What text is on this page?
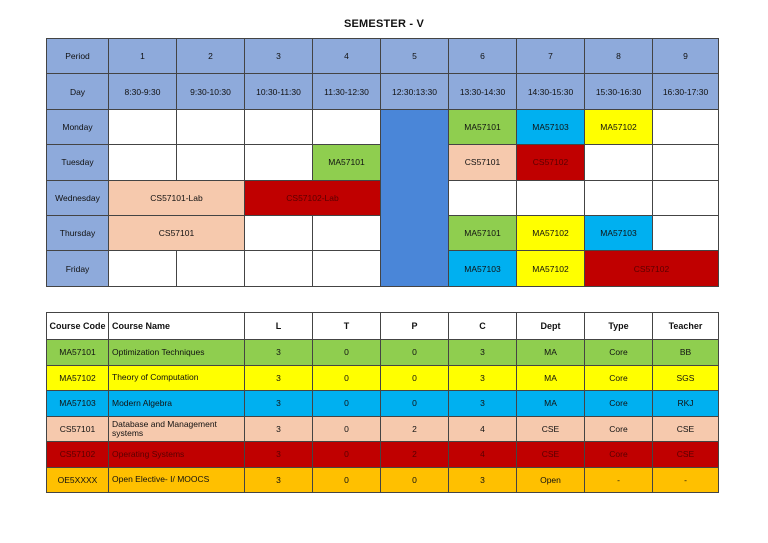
SEMESTER - V
Period	1	2	3	4	5	6	7	8	9
Day	8:30-9:30	9:30-10:30	10:30-11:30	11:30-12:30	12:30:13:30	13:30-14:30	14:30-15:30	15:30-16:30	16:30-17:30
Monday						MA57101	MA57103	MA57102	
Tuesday				MA57101		CS57101	CS57102		
Wednesday	CS57101-Lab		CS57102-Lab						
Thursday	CS57101					MA57101	MA57102	MA57103	
Friday						MA57103	MA57102	CS57102	
Course Code	Course Name	L	T	P	C	Dept	Type	Teacher
MA57101	Optimization Techniques	3	0	0	3	MA	Core	BB
MA57102	Theory of Computation	3	0	0	3	MA	Core	SGS
MA57103	Modern Algebra	3	0	0	3	MA	Core	RKJ
CS57101	Database and Management systems	3	0	2	4	CSE	Core	CSE
CS57102	Operating Systems	3	0	2	4	CSE	Core	CSE
OE5XXXX	Open Elective- I/ MOOCS	3	0	0	3	Open	-	-
